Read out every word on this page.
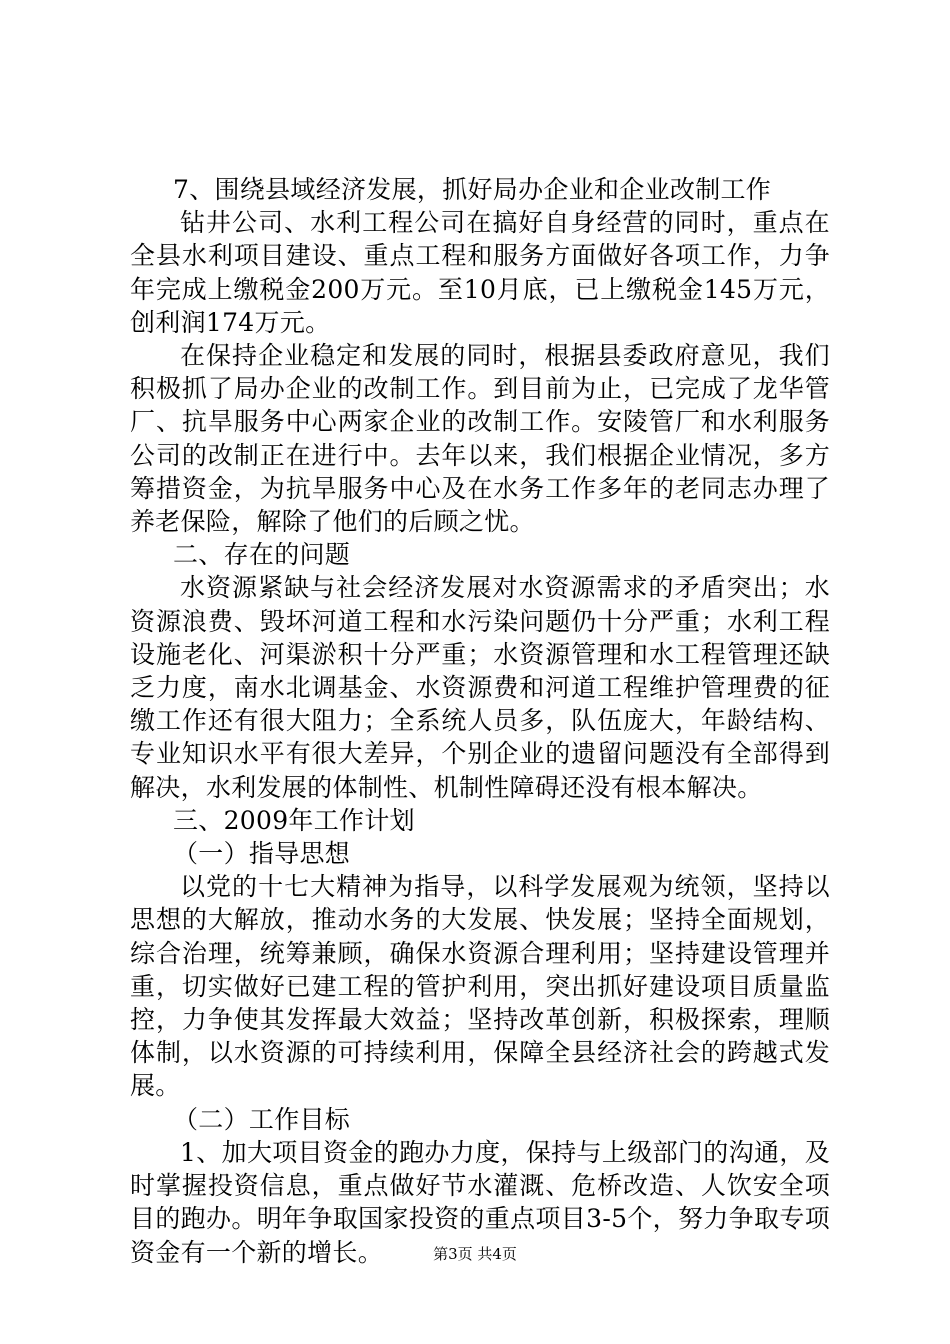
7、围绕县域经济发展，抓好局办企业和企业改制工作

钻井公司、水利工程公司在搞好自身经营的同时，重点在全县水利项目建设、重点工程和服务方面做好各项工作，力争年完成上缴税金200万元。至10月底，已上缴税金145万元，创利润174万元。

在保持企业稳定和发展的同时，根据县委政府意见，我们积极抓了局办企业的改制工作。到目前为止，已完成了龙华管厂、抗旱服务中心两家企业的改制工作。安陵管厂和水利服务公司的改制正在进行中。去年以来，我们根据企业情况，多方筹措资金，为抗旱服务中心及在水务工作多年的老同志办理了养老保险，解除了他们的后顾之忧。

二、存在的问题

水资源紧缺与社会经济发展对水资源需求的矛盾突出；水资源浪费、毁坏河道工程和水污染问题仍十分严重；水利工程设施老化、河渠淤积十分严重；水资源管理和水工程管理还缺乏力度，南水北调基金、水资源费和河道工程维护管理费的征缴工作还有很大阻力；全系统人员多，队伍庞大，年龄结构、专业知识水平有很大差异，个别企业的遗留问题没有全部得到解决，水利发展的体制性、机制性障碍还没有根本解决。

三、2009年工作计划

（一）指导思想

以党的十七大精神为指导，以科学发展观为统领，坚持以思想的大解放，推动水务的大发展、快发展；坚持全面规划，综合治理，统筹兼顾，确保水资源合理利用；坚持建设管理并重，切实做好已建工程的管护利用，突出抓好建设项目质量监控，力争使其发挥最大效益；坚持改革创新，积极探索，理顺体制，以水资源的可持续利用，保障全县经济社会的跨越式发展。

（二）工作目标

1、加大项目资金的跑办力度，保持与上级部门的沟通，及时掌握投资信息，重点做好节水灌溉、危桥改造、人饮安全项目的跑办。明年争取国家投资的重点项目3-5个，努力争取专项资金有一个新的增长。	第3页 共4页
